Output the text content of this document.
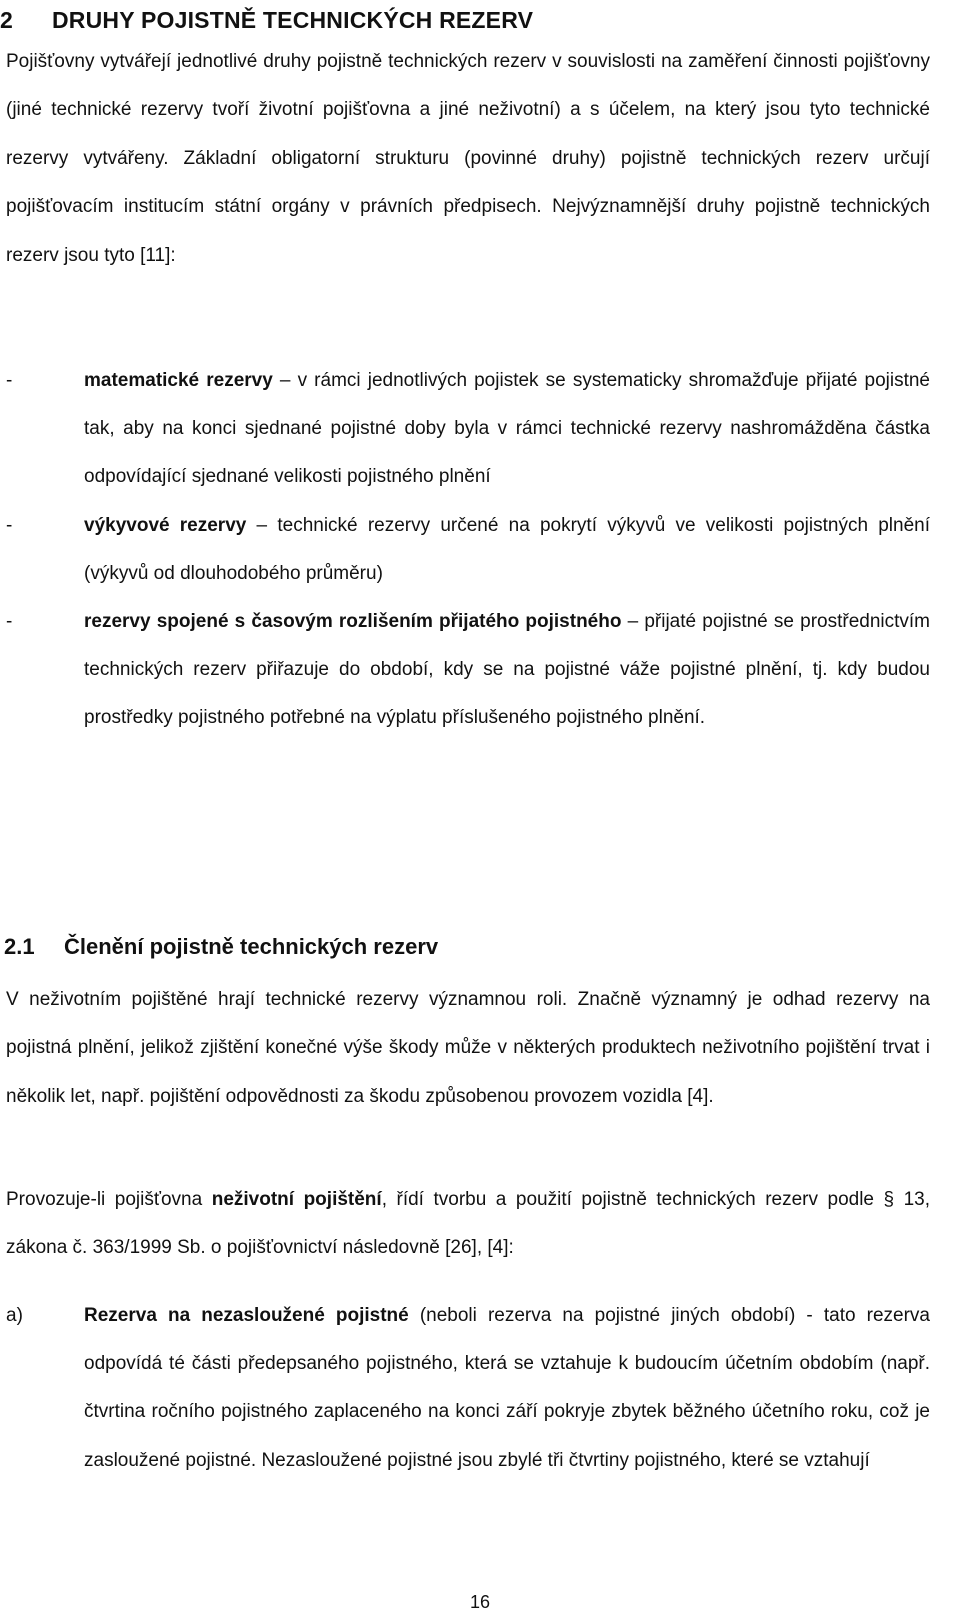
2 DRUHY POJISTNĚ TECHNICKÝCH REZERV

Pojišťovny vytvářejí jednotlivé druhy pojistně technických rezerv v souvislosti na zaměření činnosti pojišťovny (jiné technické rezervy tvoří životní pojišťovna a jiné neživotní) a s účelem, na který jsou tyto technické rezervy vytvářeny. Základní obligatorní strukturu (povinné druhy) pojistně technických rezerv určují pojišťovacím institucím státní orgány v právních předpisech. Nejvýznamnější druhy pojistně technických rezerv jsou tyto [11]:

-	matematické rezervy – v rámci jednotlivých pojistek se systematicky shromažďuje přijaté pojistné tak, aby na konci sjednané pojistné doby byla v rámci technické rezervy nashromážděna částka odpovídající sjednané velikosti pojistného plnění

-	výkyvové rezervy – technické rezervy určené na pokrytí výkyvů ve velikosti pojistných plnění (výkyvů od dlouhodobého průměru)

-	rezervy spojené s časovým rozlišením přijatého pojistného – přijaté pojistné se prostřednictvím technických rezerv přiřazuje do období, kdy se na pojistné váže pojistné plnění, tj. kdy budou prostředky pojistného potřebné na výplatu příslušeného pojistného plnění.

2.1 Členění pojistně technických rezerv

V neživotním pojištěné hrají technické rezervy významnou roli. Značně významný je odhad rezervy na pojistná plnění, jelikož zjištění konečné výše škody může v některých produktech neživotního pojištění trvat i několik let, např. pojištění odpovědnosti za škodu způsobenou provozem vozidla [4].

Provozuje-li pojišťovna neživotní pojištění, řídí tvorbu a použití pojistně technických rezerv podle § 13, zákona č. 363/1999 Sb. o pojišťovnictví následovně [26], [4]:

a)	Rezerva na nezasloužené pojistné (neboli rezerva na pojistné jiných období) - tato rezerva odpovídá té části předepsaného pojistného, která se vztahuje k budoucím účetním obdobím (např. čtvrtina ročního pojistného zaplaceného na konci září pokryje zbytek běžného účetního roku, což je zasloužené pojistné. Nezasloužené pojistné jsou zbylé tři čtvrtiny pojistného, které se vztahují

16
